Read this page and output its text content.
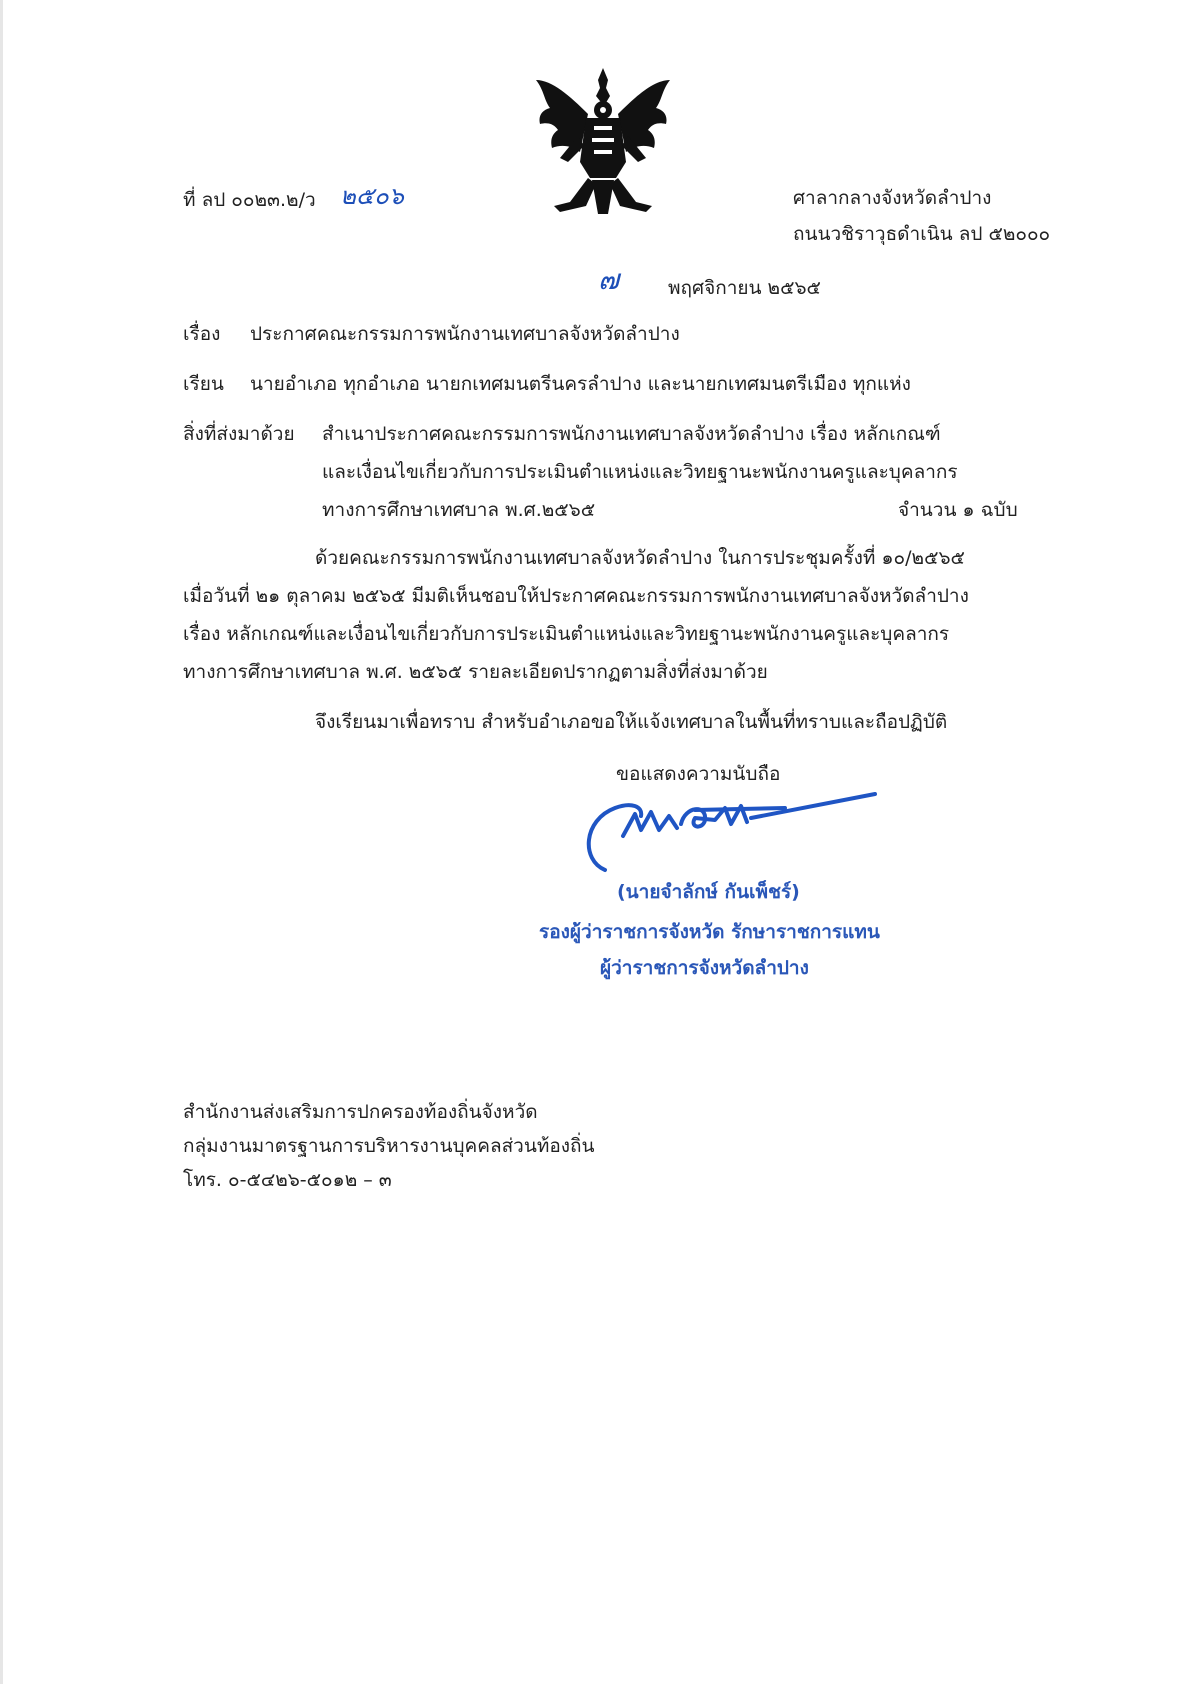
ที่ ลป ๐๐๒๓.๒/ว ๒๕๐๖	ศาลากลางจังหวัดลำปาง
ถนนวชิราวุธดำเนิน ลป ๕๒๐๐๐
๗	พฤศจิกายน ๒๕๖๕
เรื่อง ประกาศคณะกรรมการพนักงานเทศบาลจังหวัดลำปาง
เรียน นายอำเภอ ทุกอำเภอ นายกเทศมนตรีนครลำปาง และนายกเทศมนตรีเมือง ทุกแห่ง
สิ่งที่ส่งมาด้วย สำเนาประกาศคณะกรรมการพนักงานเทศบาลจังหวัดลำปาง เรื่อง หลักเกณฑ์
และเงื่อนไขเกี่ยวกับการประเมินตำแหน่งและวิทยฐานะพนักงานครูและบุคลากร
ทางการศึกษาเทศบาล พ.ศ.๒๕๖๕	จำนวน ๑ ฉบับ
ด้วยคณะกรรมการพนักงานเทศบาลจังหวัดลำปาง ในการประชุมครั้งที่ ๑๐/๒๕๖๕
เมื่อวันที่ ๒๑ ตุลาคม ๒๕๖๕ มีมติเห็นชอบให้ประกาศคณะกรรมการพนักงานเทศบาลจังหวัดลำปาง
เรื่อง หลักเกณฑ์และเงื่อนไขเกี่ยวกับการประเมินตำแหน่งและวิทยฐานะพนักงานครูและบุคลากร
ทางการศึกษาเทศบาล พ.ศ. ๒๕๖๕ รายละเอียดปรากฏตามสิ่งที่ส่งมาด้วย
จึงเรียนมาเพื่อทราบ สำหรับอำเภอขอให้แจ้งเทศบาลในพื้นที่ทราบและถือปฏิบัติ
ขอแสดงความนับถือ
(นายจำลักษ์ กันเพ็ชร์)
รองผู้ว่าราชการจังหวัด รักษาราชการแทน
ผู้ว่าราชการจังหวัดลำปาง
สำนักงานส่งเสริมการปกครองท้องถิ่นจังหวัด
กลุ่มงานมาตรฐานการบริหารงานบุคคลส่วนท้องถิ่น
โทร. ๐-๕๔๒๖-๕๐๑๒ – ๓
